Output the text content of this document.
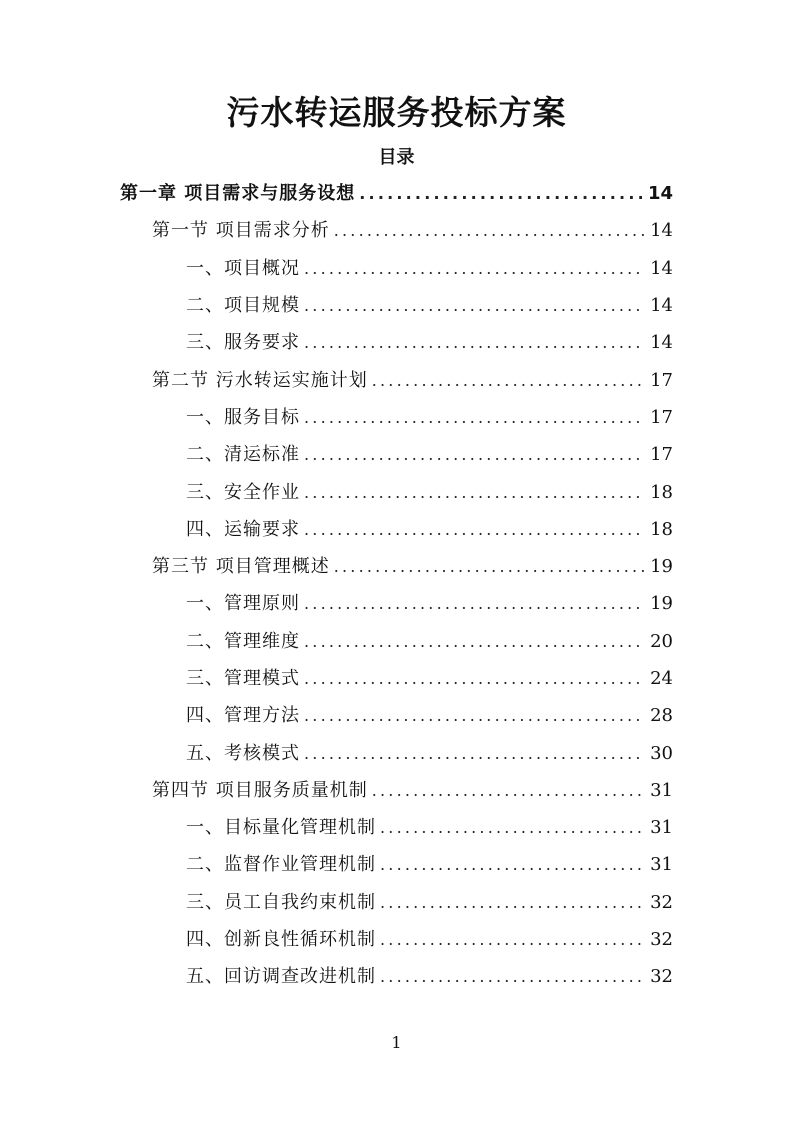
污水转运服务投标方案
目录
第一章 项目需求与服务设想 .....	14
第一节 项目需求分析 .....	14
一、项目概况 .....	14
二、项目规模 .....	14
三、服务要求 .....	14
第二节 污水转运实施计划 .....	17
一、服务目标 .....	17
二、清运标准 .....	17
三、安全作业 .....	18
四、运输要求 .....	18
第三节 项目管理概述 .....	19
一、管理原则 .....	19
二、管理维度 .....	20
三、管理模式 .....	24
四、管理方法 .....	28
五、考核模式 .....	30
第四节 项目服务质量机制 .....	31
一、目标量化管理机制 .....	31
二、监督作业管理机制 .....	31
三、员工自我约束机制 .....	32
四、创新良性循环机制 .....	32
五、回访调查改进机制 .....	32
1
